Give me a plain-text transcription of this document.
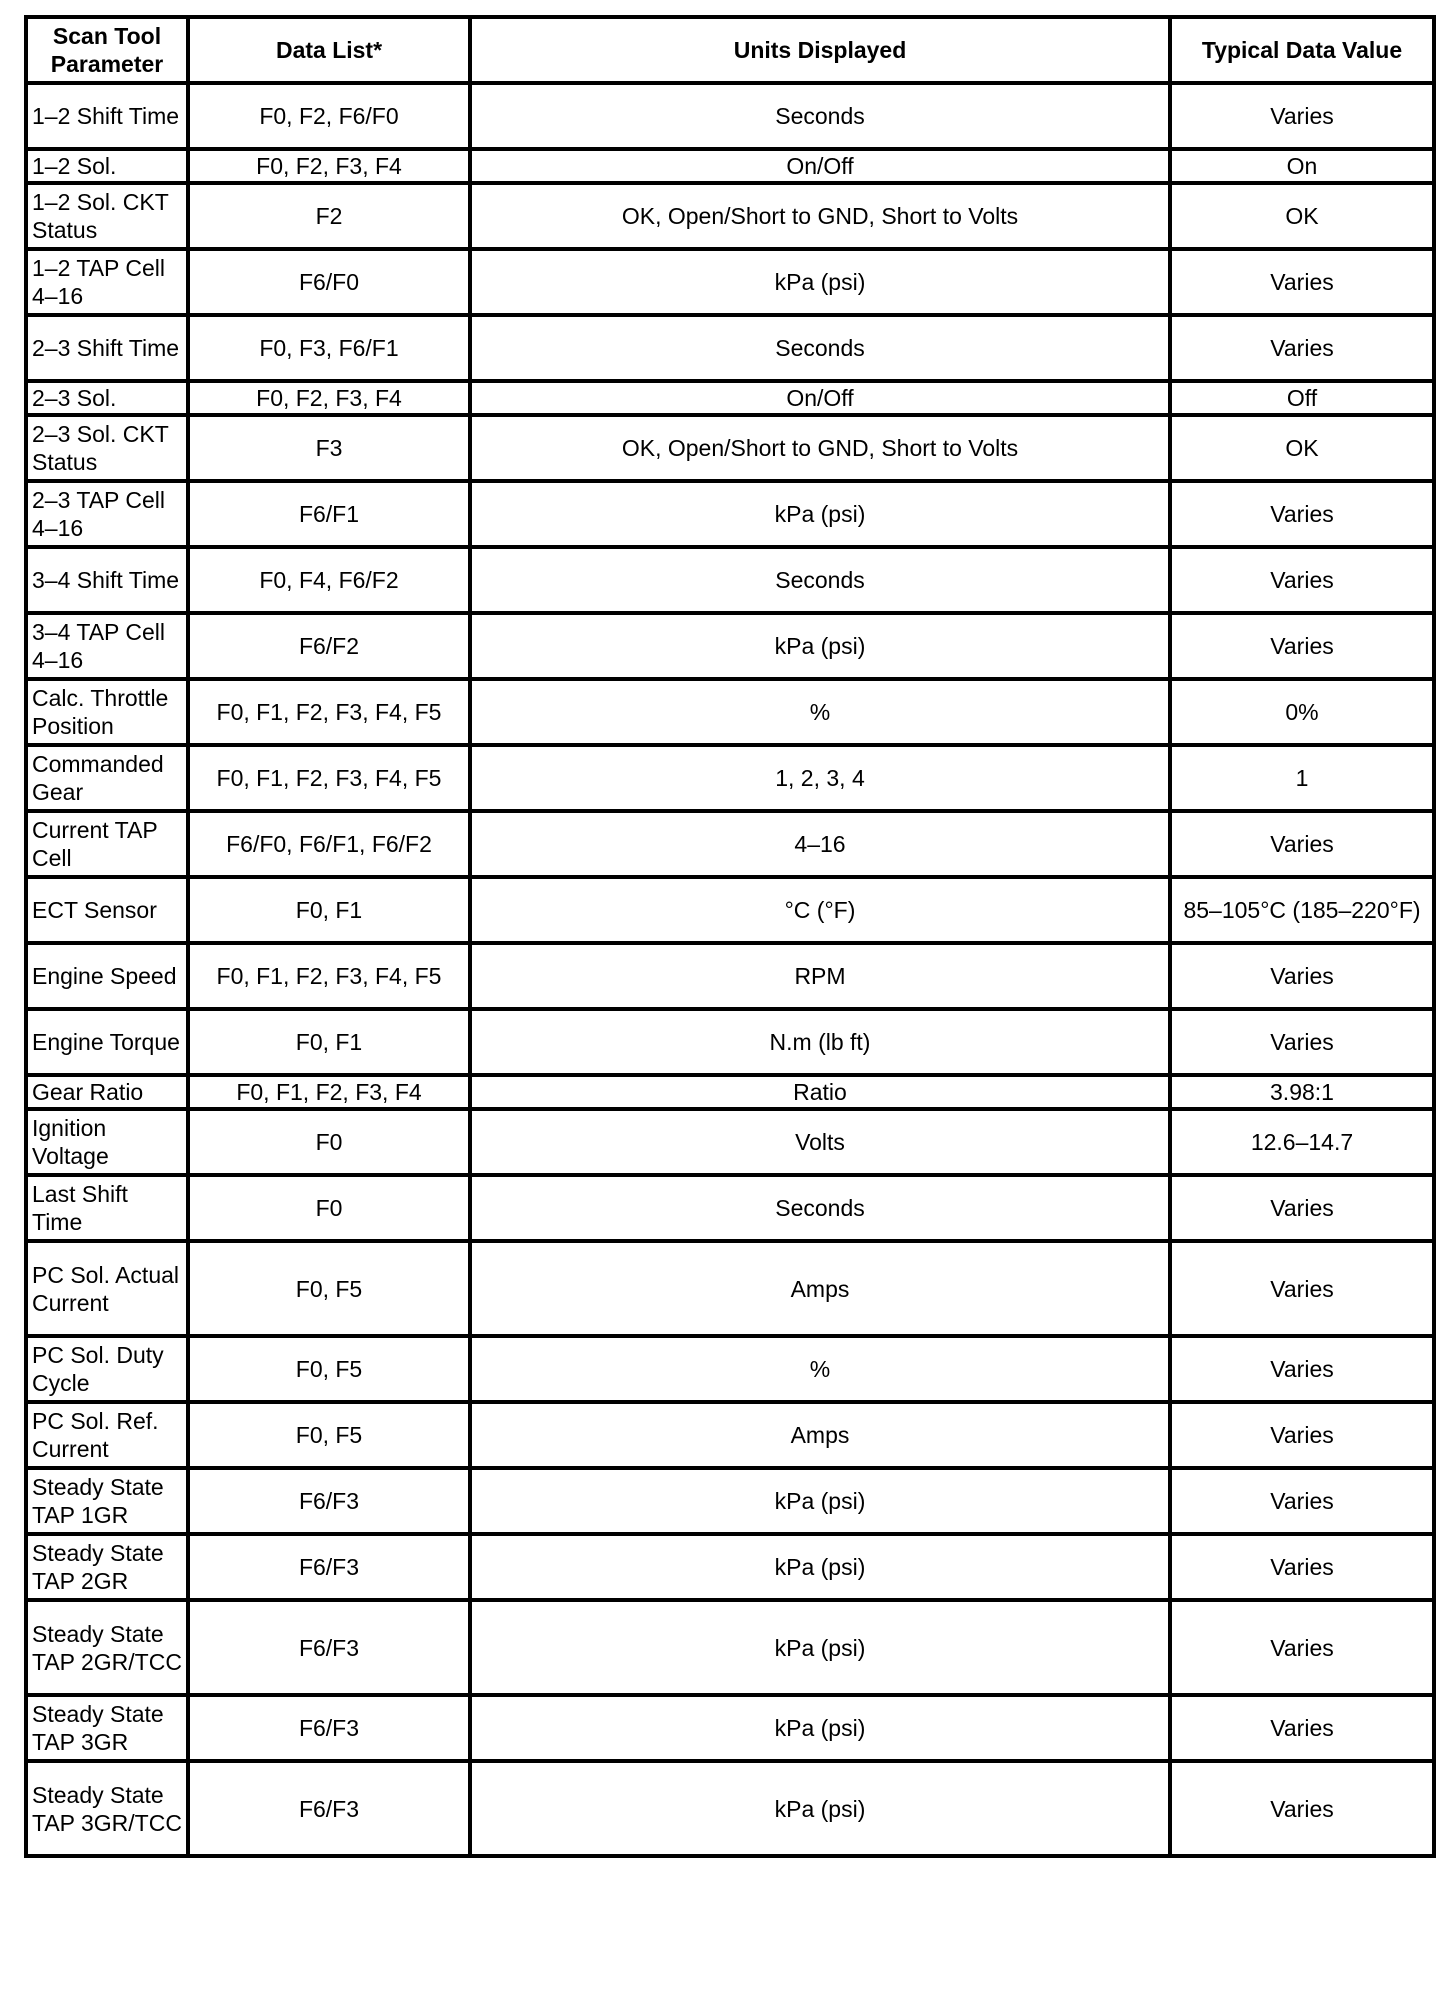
Scan Tool Parameter	Data List*	Units Displayed	Typical Data Value
1–2 Shift Time	F0, F2, F6/F0	Seconds	Varies
1–2 Sol.	F0, F2, F3, F4	On/Off	On
1–2 Sol. CKT Status	F2	OK, Open/Short to GND, Short to Volts	OK
1–2 TAP Cell 4–16	F6/F0	kPa (psi)	Varies
2–3 Shift Time	F0, F3, F6/F1	Seconds	Varies
2–3 Sol.	F0, F2, F3, F4	On/Off	Off
2–3 Sol. CKT Status	F3	OK, Open/Short to GND, Short to Volts	OK
2–3 TAP Cell 4–16	F6/F1	kPa (psi)	Varies
3–4 Shift Time	F0, F4, F6/F2	Seconds	Varies
3–4 TAP Cell 4–16	F6/F2	kPa (psi)	Varies
Calc. Throttle Position	F0, F1, F2, F3, F4, F5	%	0%
Commanded Gear	F0, F1, F2, F3, F4, F5	1, 2, 3, 4	1
Current TAP Cell	F6/F0, F6/F1, F6/F2	4–16	Varies
ECT Sensor	F0, F1	°C (°F)	85–105°C (185–220°F)
Engine Speed	F0, F1, F2, F3, F4, F5	RPM	Varies
Engine Torque	F0, F1	N.m (lb ft)	Varies
Gear Ratio	F0, F1, F2, F3, F4	Ratio	3.98:1
Ignition Voltage	F0	Volts	12.6–14.7
Last Shift Time	F0	Seconds	Varies
PC Sol. Actual Current	F0, F5	Amps	Varies
PC Sol. Duty Cycle	F0, F5	%	Varies
PC Sol. Ref. Current	F0, F5	Amps	Varies
Steady State TAP 1GR	F6/F3	kPa (psi)	Varies
Steady State TAP 2GR	F6/F3	kPa (psi)	Varies
Steady State TAP 2GR/TCC	F6/F3	kPa (psi)	Varies
Steady State TAP 3GR	F6/F3	kPa (psi)	Varies
Steady State TAP 3GR/TCC	F6/F3	kPa (psi)	Varies
